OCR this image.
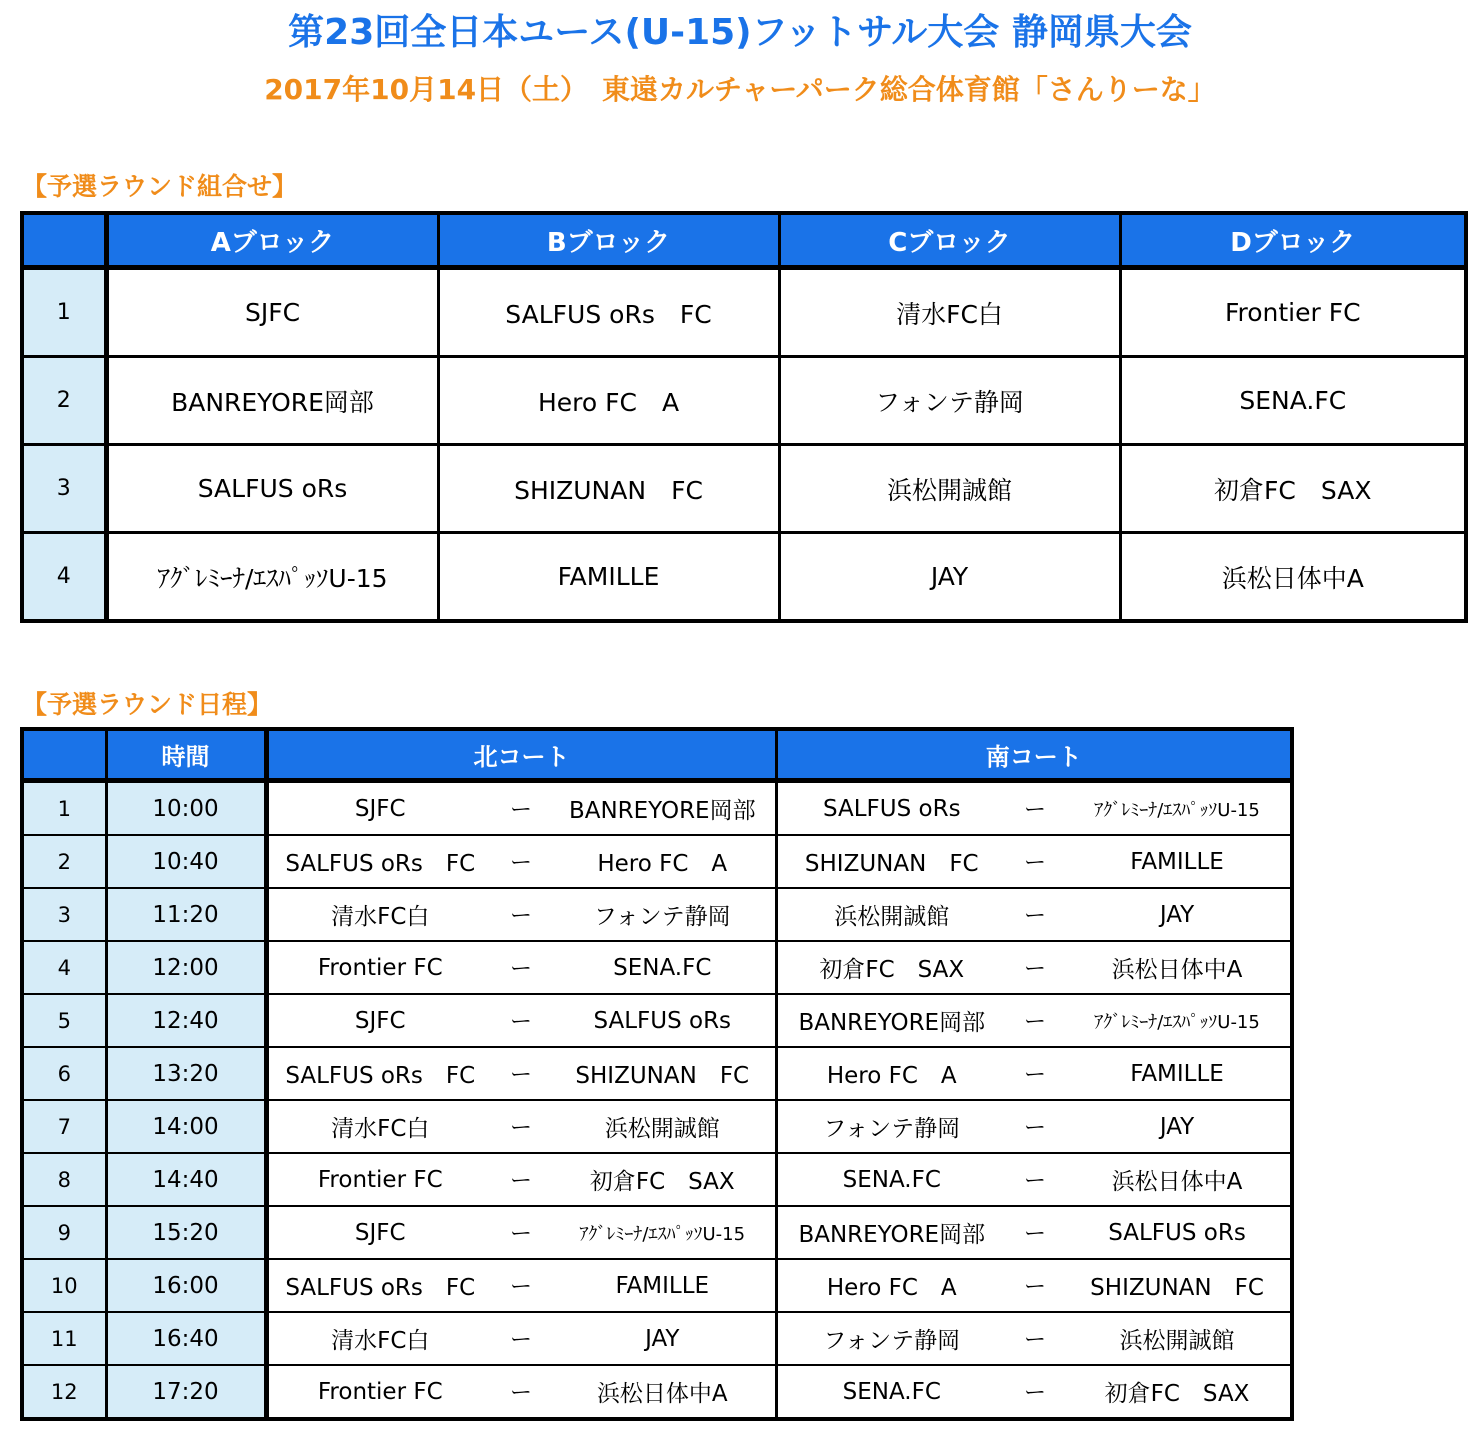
第23回全日本ユース(U-15)フットサル大会 静岡県大会
2017年10月14日（土）　東遠カルチャーパーク総合体育館「さんりーな」
【予選ラウンド組合せ】
	Aブロック	Bブロック	Cブロック	Dブロック
1	SJFC	SALFUS oRs　FC	清水FC白	Frontier FC
2	BANREYORE岡部	Hero FC　A	フォンテ静岡	SENA.FC
3	SALFUS oRs	SHIZUNAN　FC	浜松開誠館	初倉FC　SAX
4	ｱｸﾞﾚﾐｰﾅ/ｴｽﾊﾟｯｿU-15	FAMILLE	JAY	浜松日体中A
【予選ラウンド日程】
	時間	北コート			南コート		
1	10:00	SJFC	ー	BANREYORE岡部	SALFUS oRs	ー	ｱｸﾞﾚﾐｰﾅ/ｴｽﾊﾟｯｿU-15
2	10:40	SALFUS oRs　FC	ー	Hero FC　A	SHIZUNAN　FC	ー	FAMILLE
3	11:20	清水FC白	ー	フォンテ静岡	浜松開誠館	ー	JAY
4	12:00	Frontier FC	ー	SENA.FC	初倉FC　SAX	ー	浜松日体中A
5	12:40	SJFC	ー	SALFUS oRs	BANREYORE岡部	ー	ｱｸﾞﾚﾐｰﾅ/ｴｽﾊﾟｯｿU-15
6	13:20	SALFUS oRs　FC	ー	SHIZUNAN　FC	Hero FC　A	ー	FAMILLE
7	14:00	清水FC白	ー	浜松開誠館	フォンテ静岡	ー	JAY
8	14:40	Frontier FC	ー	初倉FC　SAX	SENA.FC	ー	浜松日体中A
9	15:20	SJFC	ー	ｱｸﾞﾚﾐｰﾅ/ｴｽﾊﾟｯｿU-15	BANREYORE岡部	ー	SALFUS oRs
10	16:00	SALFUS oRs　FC	ー	FAMILLE	Hero FC　A	ー	SHIZUNAN　FC
11	16:40	清水FC白	ー	JAY	フォンテ静岡	ー	浜松開誠館
12	17:20	Frontier FC	ー	浜松日体中A	SENA.FC	ー	初倉FC　SAX
